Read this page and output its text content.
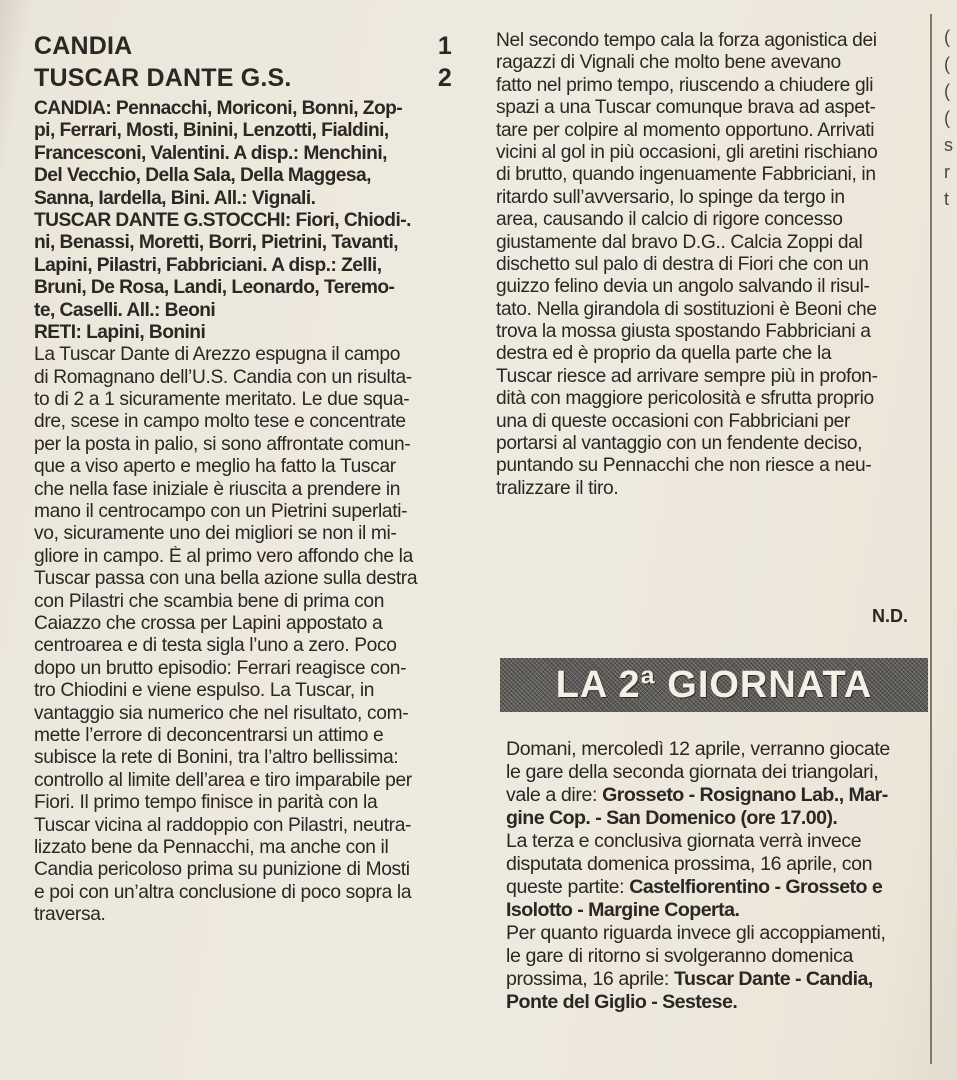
CANDIA	1
TUSCAR DANTE G.S.	2
CANDIA: Pennacchi, Moriconi, Bonni, Zop-
pi, Ferrari, Mosti, Binini, Lenzotti, Fialdini,
Francesconi, Valentini. A disp.: Menchini,
Del Vecchio, Della Sala, Della Maggesa,
Sanna, Iardella, Bini. All.: Vignali.
TUSCAR DANTE G.STOCCHI: Fiori, Chiodi-.
ni, Benassi, Moretti, Borri, Pietrini, Tavanti,
Lapini, Pilastri, Fabbriciani. A disp.: Zelli,
Bruni, De Rosa, Landi, Leonardo, Teremo-
te, Caselli. All.: Beoni
RETI: Lapini, Bonini
La Tuscar Dante di Arezzo espugna il campo
di Romagnano dell’U.S. Candia con un risulta-
to di 2 a 1 sicuramente meritato. Le due squa-
dre, scese in campo molto tese e concentrate
per la posta in palio, si sono affrontate comun-
que a viso aperto e meglio ha fatto la Tuscar
che nella fase iniziale è riuscita a prendere in
mano il centrocampo con un Pietrini superlati-
vo, sicuramente uno dei migliori se non il mi-
gliore in campo. È al primo vero affondo che la
Tuscar passa con una bella azione sulla destra
con Pilastri che scambia bene di prima con
Caiazzo che crossa per Lapini appostato a
centroarea e di testa sigla l’uno a zero. Poco
dopo un brutto episodio: Ferrari reagisce con-
tro Chiodini e viene espulso. La Tuscar, in
vantaggio sia numerico che nel risultato, com-
mette l’errore di deconcentrarsi un attimo e
subisce la rete di Bonini, tra l’altro bellissima:
controllo al limite dell’area e tiro imparabile per
Fiori. Il primo tempo finisce in parità con la
Tuscar vicina al raddoppio con Pilastri, neutra-
lizzato bene da Pennacchi, ma anche con il
Candia pericoloso prima su punizione di Mosti
e poi con un’altra conclusione di poco sopra la
traversa.
Nel secondo tempo cala la forza agonistica dei
ragazzi di Vignali che molto bene avevano
fatto nel primo tempo, riuscendo a chiudere gli
spazi a una Tuscar comunque brava ad aspet-
tare per colpire al momento opportuno. Arrivati
vicini al gol in più occasioni, gli aretini rischiano
di brutto, quando ingenuamente Fabbriciani, in
ritardo sull’avversario, lo spinge da tergo in
area, causando il calcio di rigore concesso
giustamente dal bravo D.G.. Calcia Zoppi dal
dischetto sul palo di destra di Fiori che con un
guizzo felino devia un angolo salvando il risul-
tato. Nella girandola di sostituzioni è Beoni che
trova la mossa giusta spostando Fabbriciani a
destra ed è proprio da quella parte che la
Tuscar riesce ad arrivare sempre più in profon-
dità con maggiore pericolosità e sfrutta proprio
una di queste occasioni con Fabbriciani per
portarsi al vantaggio con un fendente deciso,
puntando su Pennacchi che non riesce a neu-
tralizzare il tiro.
N.D.
LA 2ª GIORNATA
Domani, mercoledì 12 aprile, verranno giocate
le gare della seconda giornata dei triangolari,
vale a dire: Grosseto - Rosignano Lab., Mar-
gine Cop. - San Domenico (ore 17.00).
La terza e conclusiva giornata verrà invece
disputata domenica prossima, 16 aprile, con
queste partite: Castelfiorentino - Grosseto e
Isolotto - Margine Coperta.
Per quanto riguarda invece gli accoppiamenti,
le gare di ritorno si svolgeranno domenica
prossima, 16 aprile: Tuscar Dante - Candia,
Ponte del Giglio - Sestese.
(
(
(
(
s
r
t
